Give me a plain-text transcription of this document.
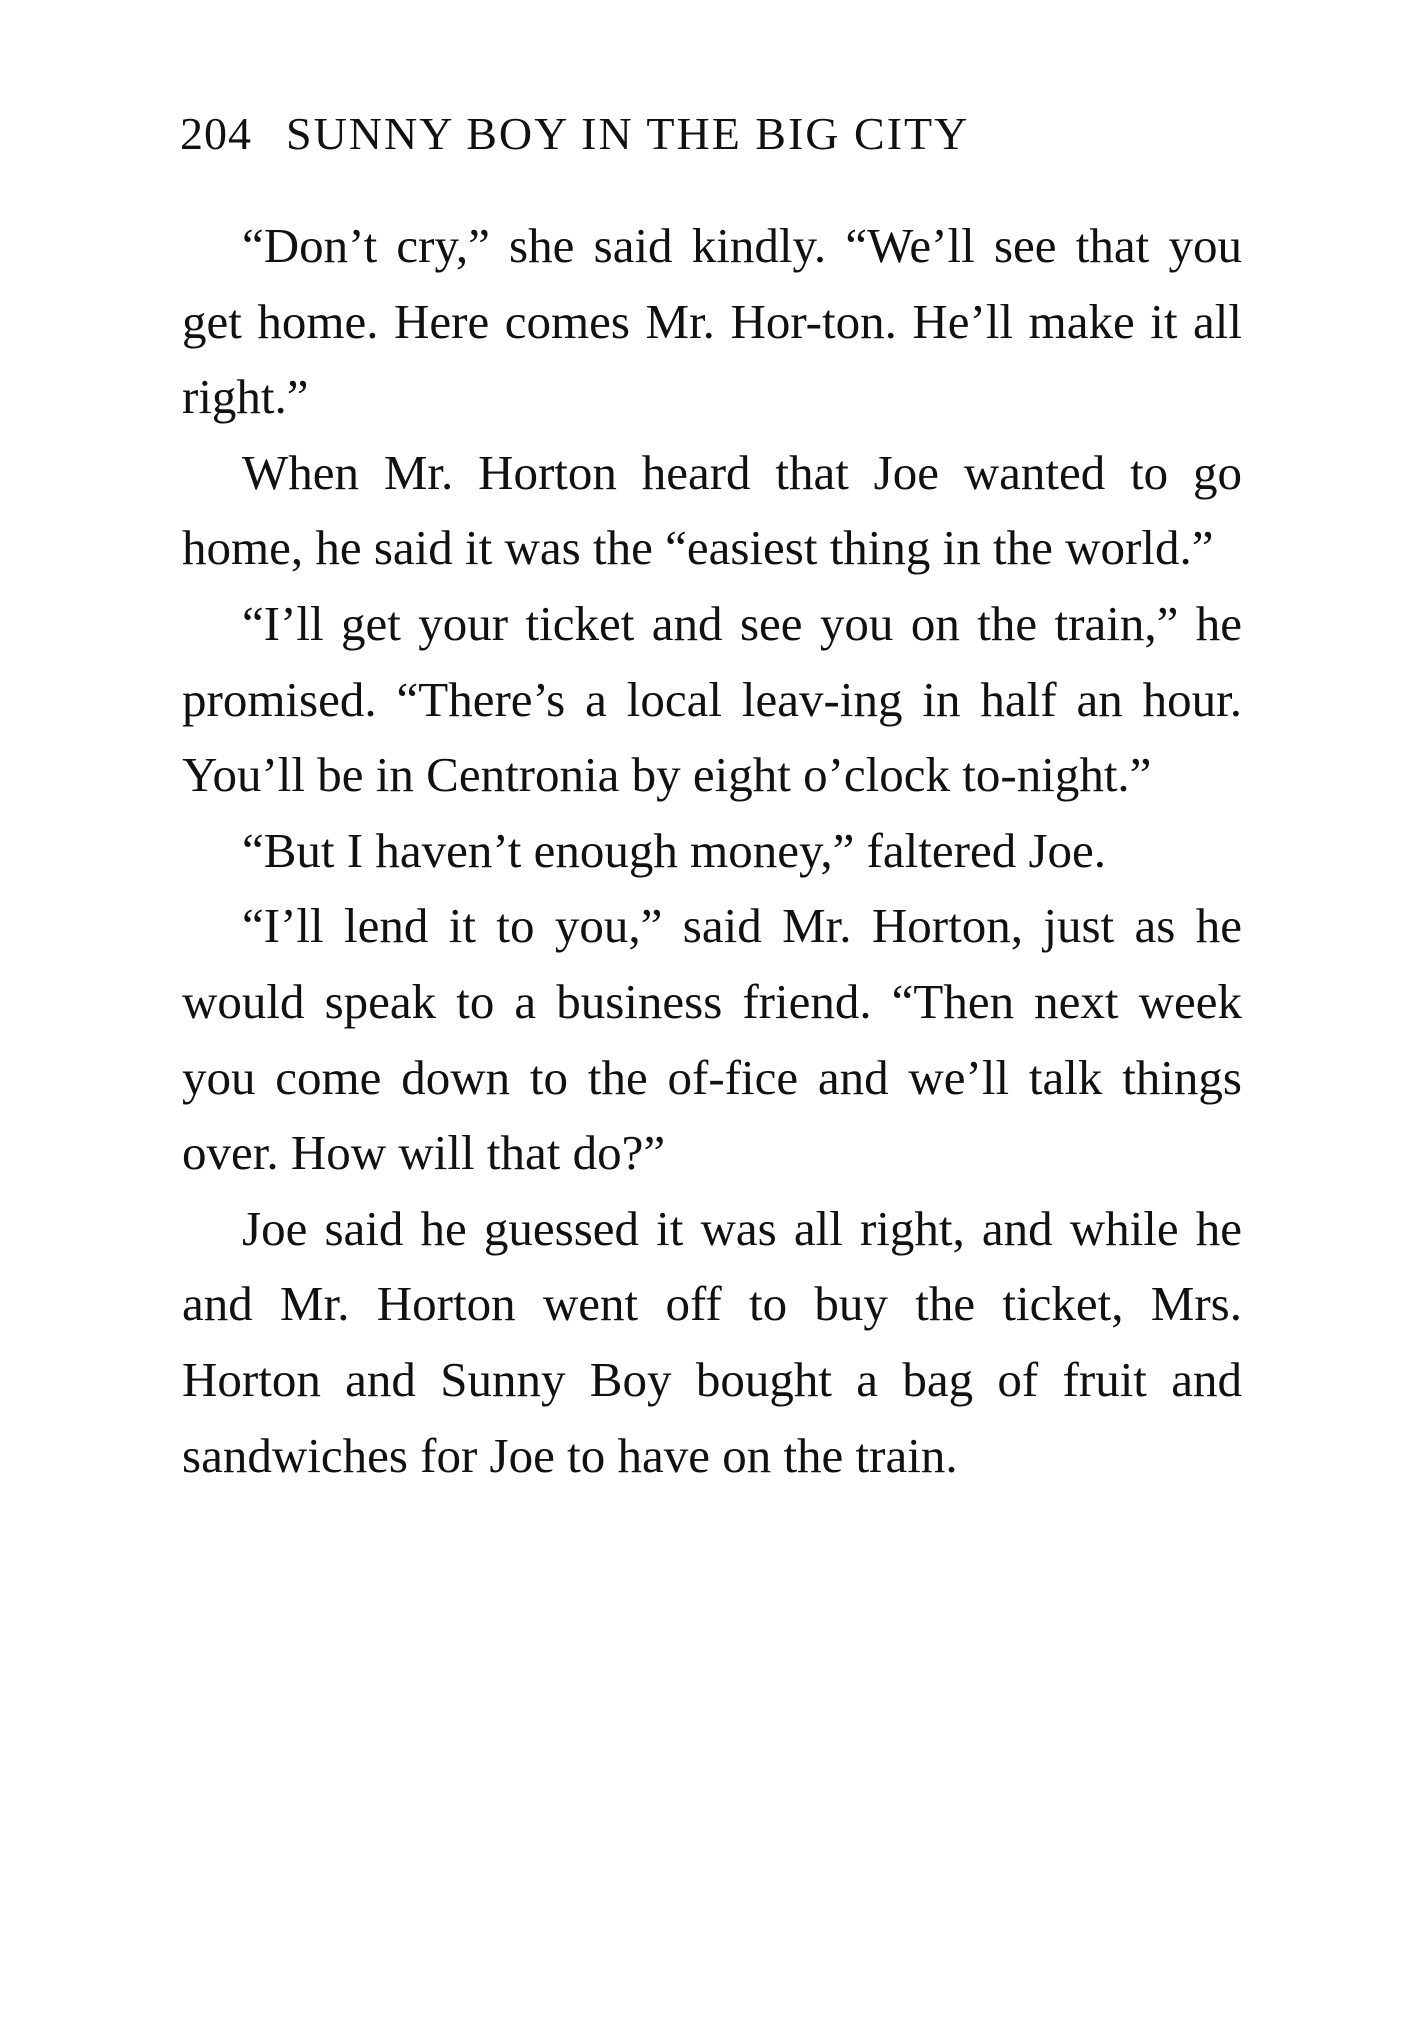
204 SUNNY BOY IN THE BIG CITY

“Don’t cry,” she said kindly. “We’ll see that you get home. Here comes Mr. Hor-ton. He’ll make it all right.”

When Mr. Horton heard that Joe wanted to go home, he said it was the “easiest thing in the world.”

“I’ll get your ticket and see you on the train,” he promised. “There’s a local leav-ing in half an hour. You’ll be in Centronia by eight o’clock to-night.”

“But I haven’t enough money,” faltered Joe.

“I’ll lend it to you,” said Mr. Horton, just as he would speak to a business friend. “Then next week you come down to the of-fice and we’ll talk things over. How will that do?”

Joe said he guessed it was all right, and while he and Mr. Horton went off to buy the ticket, Mrs. Horton and Sunny Boy bought a bag of fruit and sandwiches for Joe to have on the train.
